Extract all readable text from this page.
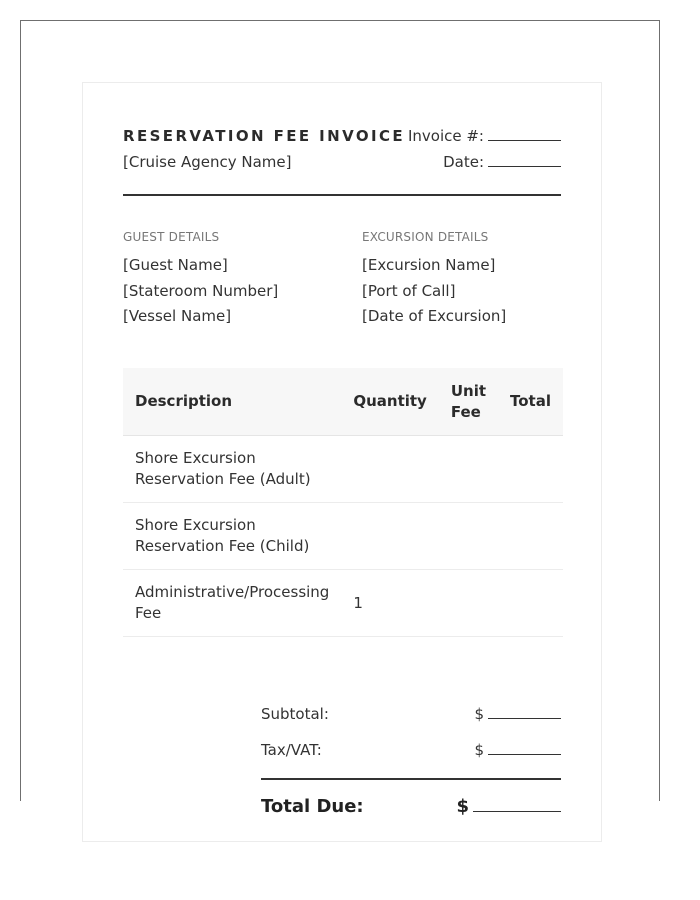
RESERVATION FEE INVOICE
[Cruise Agency Name]
Invoice #:
Date:
GUEST DETAILS
[Guest Name]
[Stateroom Number]
[Vessel Name]
EXCURSION DETAILS
[Excursion Name]
[Port of Call]
[Date of Excursion]
Description	Quantity	Unit Fee	Total
Shore Excursion Reservation Fee (Adult)			
Shore Excursion Reservation Fee (Child)			
Administrative/Processing Fee	1		
Subtotal:	$
Tax/VAT:	$
Total Due:	$
